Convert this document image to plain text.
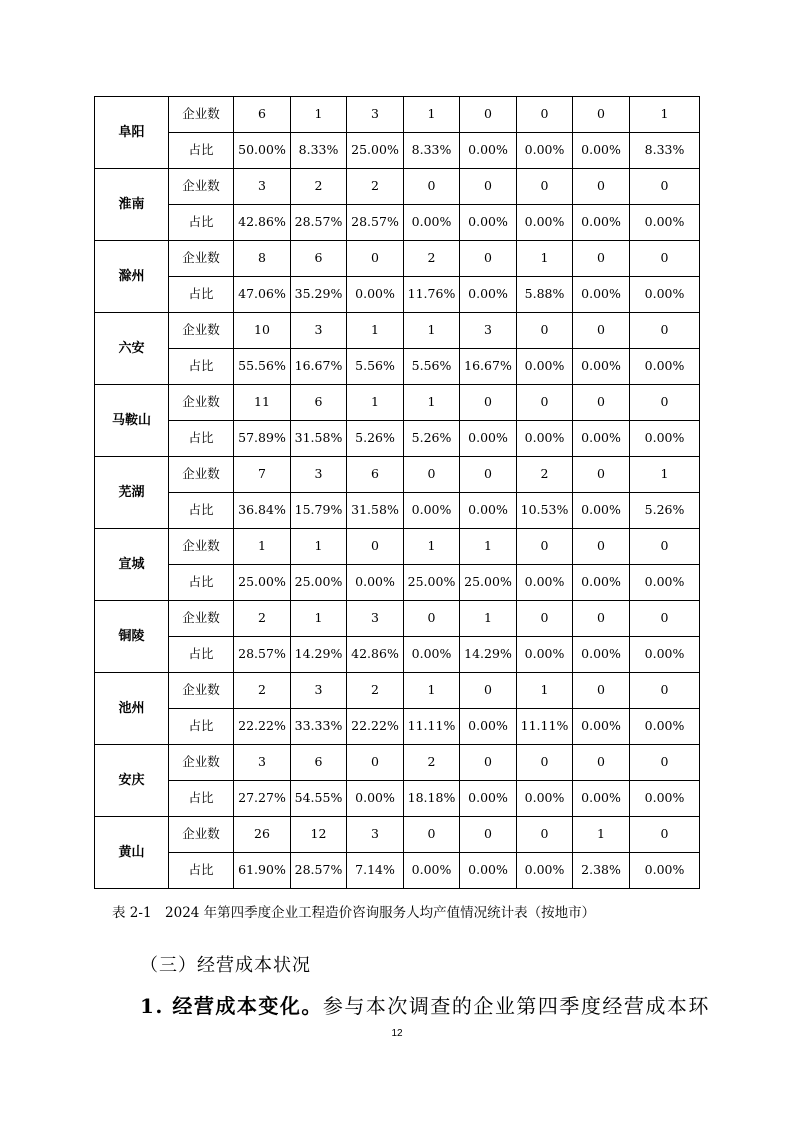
阜阳	企业数	6	1	3	1	0	0	0	1
	占比	50.00%	8.33%	25.00%	8.33%	0.00%	0.00%	0.00%	8.33%
淮南	企业数	3	2	2	0	0	0	0	0
	占比	42.86%	28.57%	28.57%	0.00%	0.00%	0.00%	0.00%	0.00%
滁州	企业数	8	6	0	2	0	1	0	0
	占比	47.06%	35.29%	0.00%	11.76%	0.00%	5.88%	0.00%	0.00%
六安	企业数	10	3	1	1	3	0	0	0
	占比	55.56%	16.67%	5.56%	5.56%	16.67%	0.00%	0.00%	0.00%
马鞍山	企业数	11	6	1	1	0	0	0	0
	占比	57.89%	31.58%	5.26%	5.26%	0.00%	0.00%	0.00%	0.00%
芜湖	企业数	7	3	6	0	0	2	0	1
	占比	36.84%	15.79%	31.58%	0.00%	0.00%	10.53%	0.00%	5.26%
宣城	企业数	1	1	0	1	1	0	0	0
	占比	25.00%	25.00%	0.00%	25.00%	25.00%	0.00%	0.00%	0.00%
铜陵	企业数	2	1	3	0	1	0	0	0
	占比	28.57%	14.29%	42.86%	0.00%	14.29%	0.00%	0.00%	0.00%
池州	企业数	2	3	2	1	0	1	0	0
	占比	22.22%	33.33%	22.22%	11.11%	0.00%	11.11%	0.00%	0.00%
安庆	企业数	3	6	0	2	0	0	0	0
	占比	27.27%	54.55%	0.00%	18.18%	0.00%	0.00%	0.00%	0.00%
黄山	企业数	26	12	3	0	0	0	1	0
	占比	61.90%	28.57%	7.14%	0.00%	0.00%	0.00%	2.38%	0.00%
表 2-1　2024 年第四季度企业工程造价咨询服务人均产值情况统计表（按地市）
（三）经营成本状况
1. 经营成本变化。参与本次调查的企业第四季度经营成本环
12
